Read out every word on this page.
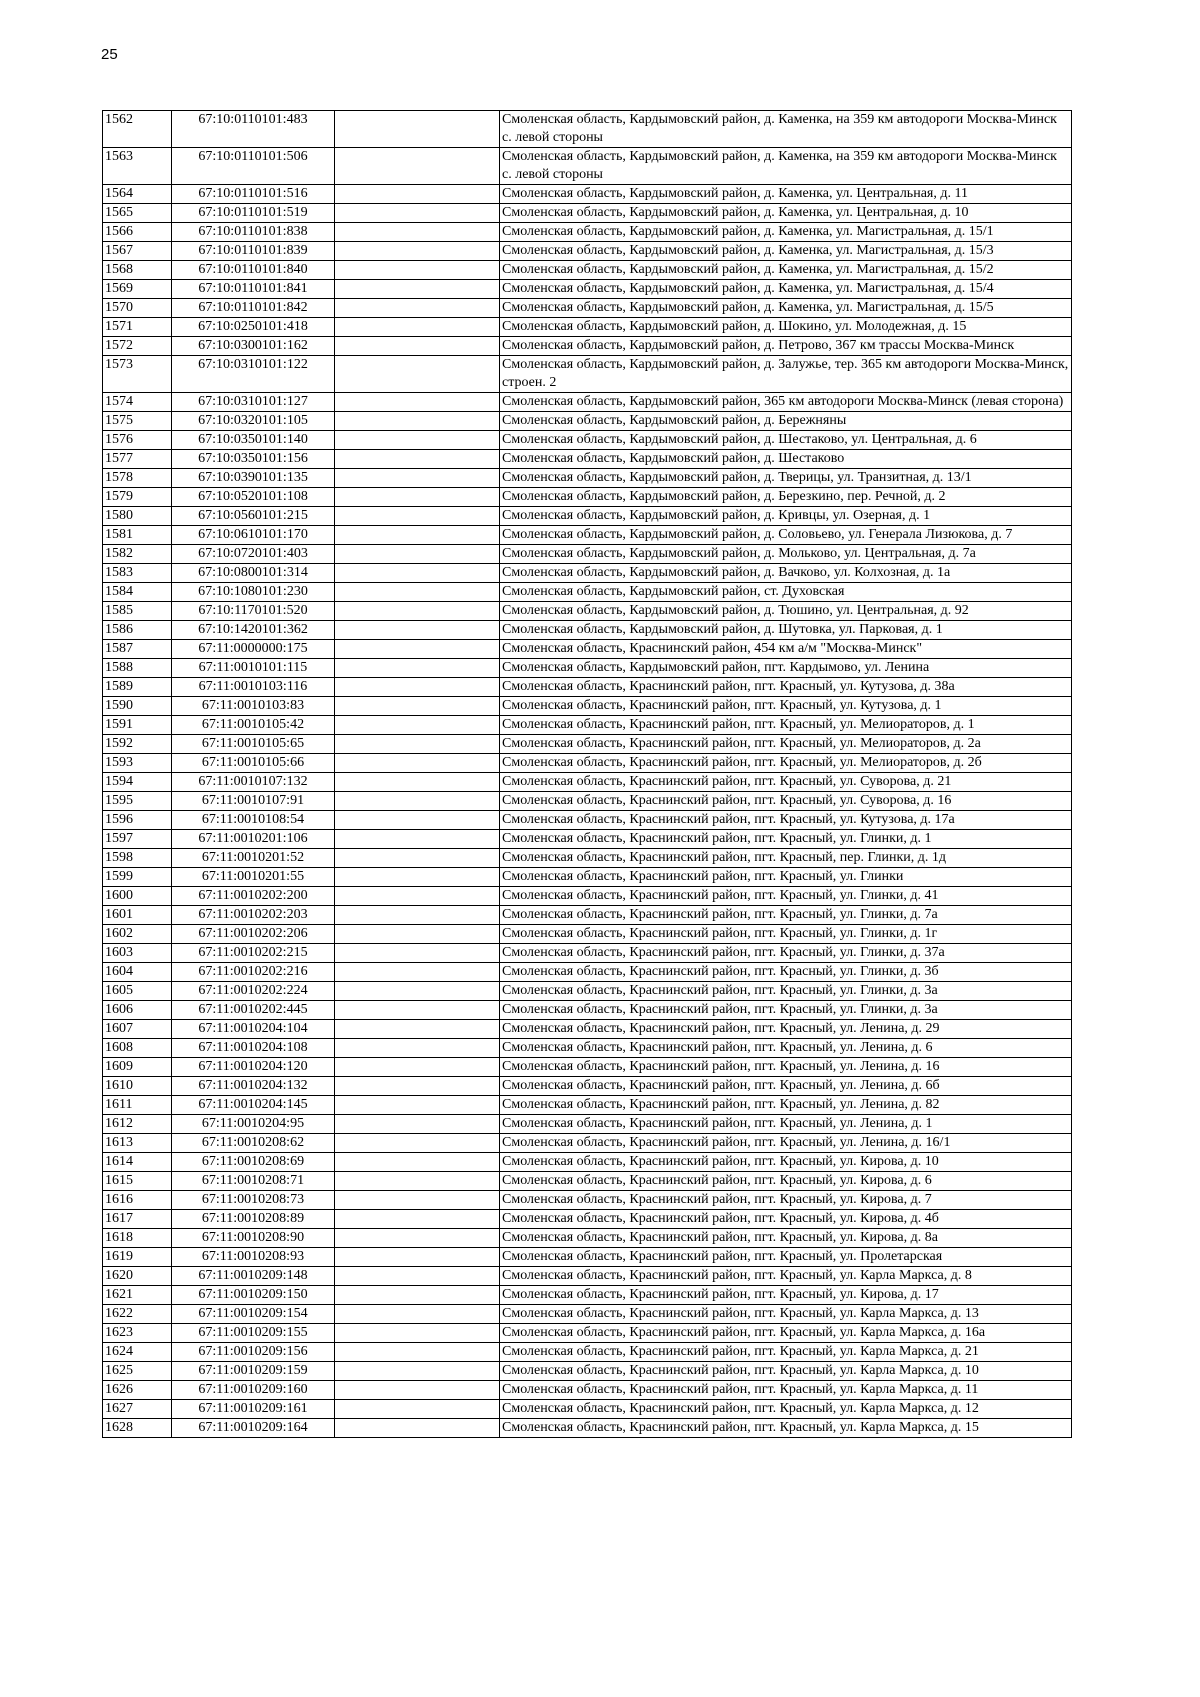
25
1562	67:10:0110101:483		Смоленская область, Кардымовский район, д. Каменка, на 359 км автодороги Москва-Минск с. левой стороны
1563	67:10:0110101:506		Смоленская область, Кардымовский район, д. Каменка, на 359 км автодороги Москва-Минск с. левой стороны
1564	67:10:0110101:516		Смоленская область, Кардымовский район, д. Каменка, ул. Центральная, д. 11
1565	67:10:0110101:519		Смоленская область, Кардымовский район, д. Каменка, ул. Центральная, д. 10
1566	67:10:0110101:838		Смоленская область, Кардымовский район, д. Каменка, ул. Магистральная, д. 15/1
1567	67:10:0110101:839		Смоленская область, Кардымовский район, д. Каменка, ул. Магистральная, д. 15/3
1568	67:10:0110101:840		Смоленская область, Кардымовский район, д. Каменка, ул. Магистральная, д. 15/2
1569	67:10:0110101:841		Смоленская область, Кардымовский район, д. Каменка, ул. Магистральная, д. 15/4
1570	67:10:0110101:842		Смоленская область, Кардымовский район, д. Каменка, ул. Магистральная, д. 15/5
1571	67:10:0250101:418		Смоленская область, Кардымовский район, д. Шокино, ул. Молодежная, д. 15
1572	67:10:0300101:162		Смоленская область, Кардымовский район, д. Петрово, 367 км трассы Москва-Минск
1573	67:10:0310101:122		Смоленская область, Кардымовский район, д. Залужье, тер. 365 км автодороги Москва-Минск, строен. 2
1574	67:10:0310101:127		Смоленская область, Кардымовский район, 365 км автодороги Москва-Минск (левая сторона)
1575	67:10:0320101:105		Смоленская область, Кардымовский район, д. Бережняны
1576	67:10:0350101:140		Смоленская область, Кардымовский район, д. Шестаково, ул. Центральная, д. 6
1577	67:10:0350101:156		Смоленская область, Кардымовский район, д. Шестаково
1578	67:10:0390101:135		Смоленская область, Кардымовский район, д. Тверицы, ул. Транзитная, д. 13/1
1579	67:10:0520101:108		Смоленская область, Кардымовский район, д. Березкино, пер. Речной, д. 2
1580	67:10:0560101:215		Смоленская область, Кардымовский район, д. Кривцы, ул. Озерная, д. 1
1581	67:10:0610101:170		Смоленская область, Кардымовский район, д. Соловьево, ул. Генерала Лизюкова, д. 7
1582	67:10:0720101:403		Смоленская область, Кардымовский район, д. Мольково, ул. Центральная, д. 7а
1583	67:10:0800101:314		Смоленская область, Кардымовский район, д. Вачково, ул. Колхозная, д. 1а
1584	67:10:1080101:230		Смоленская область, Кардымовский район, ст. Духовская
1585	67:10:1170101:520		Смоленская область, Кардымовский район, д. Тюшино, ул. Центральная, д. 92
1586	67:10:1420101:362		Смоленская область, Кардымовский район, д. Шутовка, ул. Парковая, д. 1
1587	67:11:0000000:175		Смоленская область, Краснинский район, 454 км а/м "Москва-Минск"
1588	67:11:0010101:115		Смоленская область, Кардымовский район, пгт. Кардымово, ул. Ленина
1589	67:11:0010103:116		Смоленская область, Краснинский район, пгт. Красный, ул. Кутузова, д. 38а
1590	67:11:0010103:83		Смоленская область, Краснинский район, пгт. Красный, ул. Кутузова, д. 1
1591	67:11:0010105:42		Смоленская область, Краснинский район, пгт. Красный, ул. Мелиораторов, д. 1
1592	67:11:0010105:65		Смоленская область, Краснинский район, пгт. Красный, ул. Мелиораторов, д. 2а
1593	67:11:0010105:66		Смоленская область, Краснинский район, пгт. Красный, ул. Мелиораторов, д. 2б
1594	67:11:0010107:132		Смоленская область, Краснинский район, пгт. Красный, ул. Суворова, д. 21
1595	67:11:0010107:91		Смоленская область, Краснинский район, пгт. Красный, ул. Суворова, д. 16
1596	67:11:0010108:54		Смоленская область, Краснинский район, пгт. Красный, ул. Кутузова, д. 17а
1597	67:11:0010201:106		Смоленская область, Краснинский район, пгт. Красный, ул. Глинки, д. 1
1598	67:11:0010201:52		Смоленская область, Краснинский район, пгт. Красный, пер. Глинки, д. 1д
1599	67:11:0010201:55		Смоленская область, Краснинский район, пгт. Красный, ул. Глинки
1600	67:11:0010202:200		Смоленская область, Краснинский район, пгт. Красный, ул. Глинки, д. 41
1601	67:11:0010202:203		Смоленская область, Краснинский район, пгт. Красный, ул. Глинки, д. 7а
1602	67:11:0010202:206		Смоленская область, Краснинский район, пгт. Красный, ул. Глинки, д. 1г
1603	67:11:0010202:215		Смоленская область, Краснинский район, пгт. Красный, ул. Глинки, д. 37а
1604	67:11:0010202:216		Смоленская область, Краснинский район, пгт. Красный, ул. Глинки, д. 3б
1605	67:11:0010202:224		Смоленская область, Краснинский район, пгт. Красный, ул. Глинки, д. 3а
1606	67:11:0010202:445		Смоленская область, Краснинский район, пгт. Красный, ул. Глинки, д. 3а
1607	67:11:0010204:104		Смоленская область, Краснинский район, пгт. Красный, ул. Ленина, д. 29
1608	67:11:0010204:108		Смоленская область, Краснинский район, пгт. Красный, ул. Ленина, д. 6
1609	67:11:0010204:120		Смоленская область, Краснинский район, пгт. Красный, ул. Ленина, д. 16
1610	67:11:0010204:132		Смоленская область, Краснинский район, пгт. Красный, ул. Ленина, д. 6б
1611	67:11:0010204:145		Смоленская область, Краснинский район, пгт. Красный, ул. Ленина, д. 82
1612	67:11:0010204:95		Смоленская область, Краснинский район, пгт. Красный, ул. Ленина, д. 1
1613	67:11:0010208:62		Смоленская область, Краснинский район, пгт. Красный, ул. Ленина, д. 16/1
1614	67:11:0010208:69		Смоленская область, Краснинский район, пгт. Красный, ул. Кирова, д. 10
1615	67:11:0010208:71		Смоленская область, Краснинский район, пгт. Красный, ул. Кирова, д. 6
1616	67:11:0010208:73		Смоленская область, Краснинский район, пгт. Красный, ул. Кирова, д. 7
1617	67:11:0010208:89		Смоленская область, Краснинский район, пгт. Красный, ул. Кирова, д. 4б
1618	67:11:0010208:90		Смоленская область, Краснинский район, пгт. Красный, ул. Кирова, д. 8а
1619	67:11:0010208:93		Смоленская область, Краснинский район, пгт. Красный, ул. Пролетарская
1620	67:11:0010209:148		Смоленская область, Краснинский район, пгт. Красный, ул. Карла Маркса, д. 8
1621	67:11:0010209:150		Смоленская область, Краснинский район, пгт. Красный, ул. Кирова, д. 17
1622	67:11:0010209:154		Смоленская область, Краснинский район, пгт. Красный, ул. Карла Маркса, д. 13
1623	67:11:0010209:155		Смоленская область, Краснинский район, пгт. Красный, ул. Карла Маркса, д. 16а
1624	67:11:0010209:156		Смоленская область, Краснинский район, пгт. Красный, ул. Карла Маркса, д. 21
1625	67:11:0010209:159		Смоленская область, Краснинский район, пгт. Красный, ул. Карла Маркса, д. 10
1626	67:11:0010209:160		Смоленская область, Краснинский район, пгт. Красный, ул. Карла Маркса, д. 11
1627	67:11:0010209:161		Смоленская область, Краснинский район, пгт. Красный, ул. Карла Маркса, д. 12
1628	67:11:0010209:164		Смоленская область, Краснинский район, пгт. Красный, ул. Карла Маркса, д. 15
